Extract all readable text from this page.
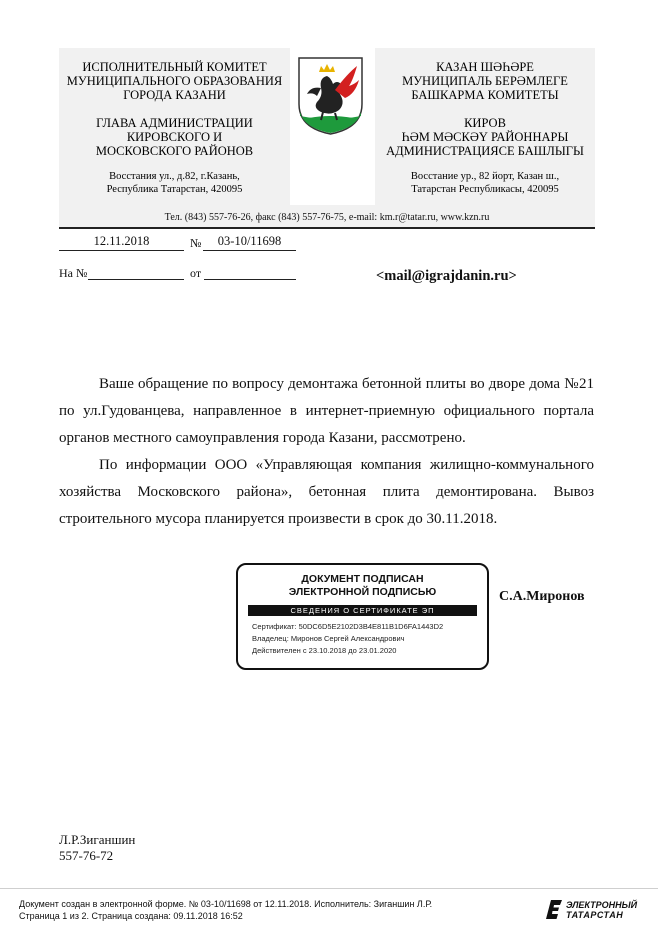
ИСПОЛНИТЕЛЬНЫЙ КОМИТЕТ
МУНИЦИПАЛЬНОГО ОБРАЗОВАНИЯ
ГОРОДА КАЗАНИ
ГЛАВА АДМИНИСТРАЦИИ
КИРОВСКОГО И
МОСКОВСКОГО РАЙОНОВ
Восстания ул., д.82, г.Казань,
Республика Татарстан, 420095
КАЗАН ШӘҺӘРЕ
МУНИЦИПАЛЬ БЕРӘМЛЕГЕ
БАШКАРМА КОМИТЕТЫ
КИРОВ
ҺӘМ МӘСКӘҮ РАЙОННАРЫ
АДМИНИСТРАЦИЯСЕ БАШЛЫГЫ
Восстание ур., 82 йорт, Казан ш.,
Татарстан Республикасы, 420095
Тел. (843) 557-76-26, факс (843) 557-76-75, e-mail: km.r@tatar.ru, www.kzn.ru
12.11.2018	№	03-10/11698
На №	от	<mail@igrajdanin.ru>

Ваше обращение по вопросу демонтажа бетонной плиты во дворе дома №21 по ул.Гудованцева, направленное в интернет-приемную официального портала органов местного самоуправления города Казани, рассмотрено.

По информации ООО «Управляющая компания жилищно-коммунального хозяйства Московского района», бетонная плита демонтирована. Вывоз строительного мусора планируется произвести в срок до 30.11.2018.

ДОКУМЕНТ ПОДПИСАН
ЭЛЕКТРОННОЙ ПОДПИСЬЮ
СВЕДЕНИЯ О СЕРТИФИКАТЕ ЭП
Сертификат: 50DC6D5E2102D3B4E811B1D6FA1443D2
Владелец: Миронов Сергей Александрович
Действителен с 23.10.2018 до 23.01.2020
С.А.Миронов
Л.Р.Зиганшин
557-76-72
Документ создан в электронной форме. № 03-10/11698 от 12.11.2018. Исполнитель: Зиганшин Л.Р.
Страница 1 из 2. Страница создана: 09.11.2018 16:52
ЭЛЕКТРОННЫЙ
ТАТАРСТАН
